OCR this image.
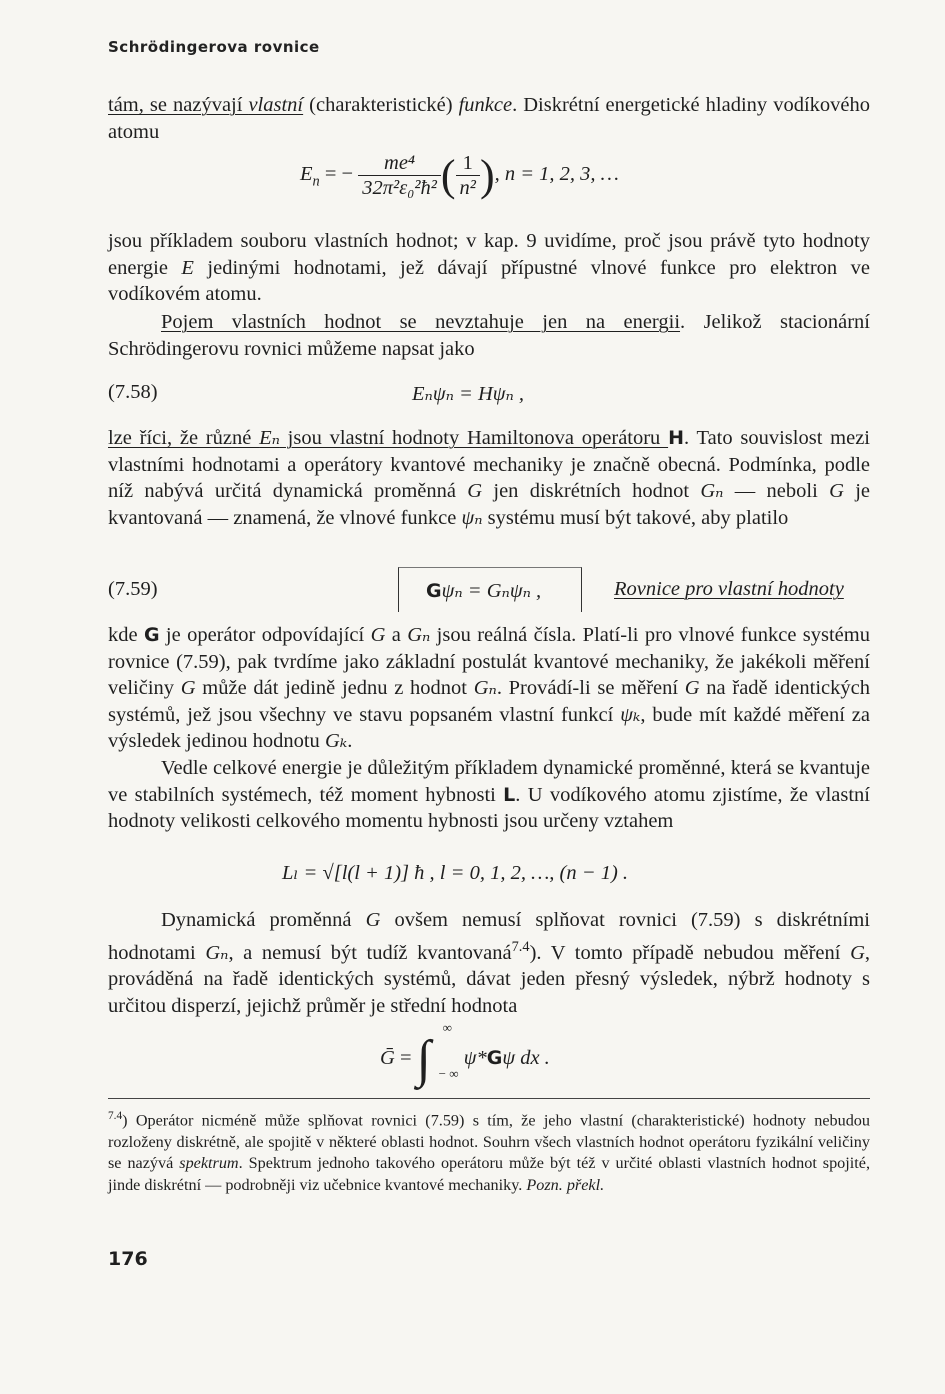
Schrödingerova rovnice
tám, se nazývají vlastní (charakteristické) funkce. Diskrétní energetické hladiny vodíkového atomu
$E_n$ = − $\frac{\text{me⁴}}{\text{32π²ε₀²ħ²}}$ ( $\frac{1}{\text{n²}}$ ), n = 1, 2, 3, …
jsou příkladem souboru vlastních hodnot; v kap. 9 uvidíme, proč jsou právě tyto hodnoty energie E jedinými hodnotami, jež dávají přípustné vlnové funkce pro elektron ve vodíkovém atomu.
Pojem vlastních hodnot se nevztahuje jen na energii. Jelikož stacionární Schrödingerovu rovnici můžeme napsat jako
(7.58)	Eₙψₙ = Hψₙ ,
lze říci, že různé Eₙ jsou vlastní hodnoty Hamiltonova operátoru H. Tato souvislost mezi vlastními hodnotami a operátory kvantové mechaniky je značně obecná. Podmínka, podle níž nabývá určitá dynamická proměnná G jen diskrétních hodnot Gₙ — neboli G je kvantovaná — znamená, že vlnové funkce ψₙ systému musí být takové, aby platilo
(7.59)	Gψₙ = Gₙψₙ ,	Rovnice pro vlastní hodnoty
kde G je operátor odpovídající G a Gₙ jsou reálná čísla. Platí-li pro vlnové funkce systému rovnice (7.59), pak tvrdíme jako základní postulát kvantové mechaniky, že jakékoli měření veličiny G může dát jedině jednu z hodnot Gₙ. Provádí-li se měření G na řadě identických systémů, jež jsou všechny ve stavu popsaném vlastní funkcí ψₖ, bude mít každé měření za výsledek jedinou hodnotu Gₖ.
Vedle celkové energie je důležitým příkladem dynamické proměnné, která se kvantuje ve stabilních systémech, též moment hybnosti L. U vodíkového atomu zjistíme, že vlastní hodnoty velikosti celkového momentu hybnosti jsou určeny vztahem
Lₗ = √[l(l + 1)] ħ , l = 0, 1, 2, …, (n − 1) .
Dynamická proměnná G ovšem nemusí splňovat rovnici (7.59) s diskrétními hodnotami Gₙ, a nemusí být tudíž kvantovaná$^{7.4}$). V tomto případě nebudou měření G, prováděná na řadě identických systémů, dávat jeden přesný výsledek, nýbrž hodnoty s určitou disperzí, jejichž průměr je střední hodnota
Ḡ = ∫
∞
− ∞
ψ*Gψ dx .
$^{7.4}$) Operátor nicméně může splňovat rovnici (7.59) s tím, že jeho vlastní (charakteristické) hodnoty nebudou rozloženy diskrétně, ale spojitě v některé oblasti hodnot. Souhrn všech vlastních hodnot operátoru fyzikální veličiny se nazývá spektrum. Spektrum jednoho takového operátoru může být též v určité oblasti vlastních hodnot spojité, jinde diskrétní — podrobněji viz učebnice kvantové mechaniky. Pozn. překl.
176
